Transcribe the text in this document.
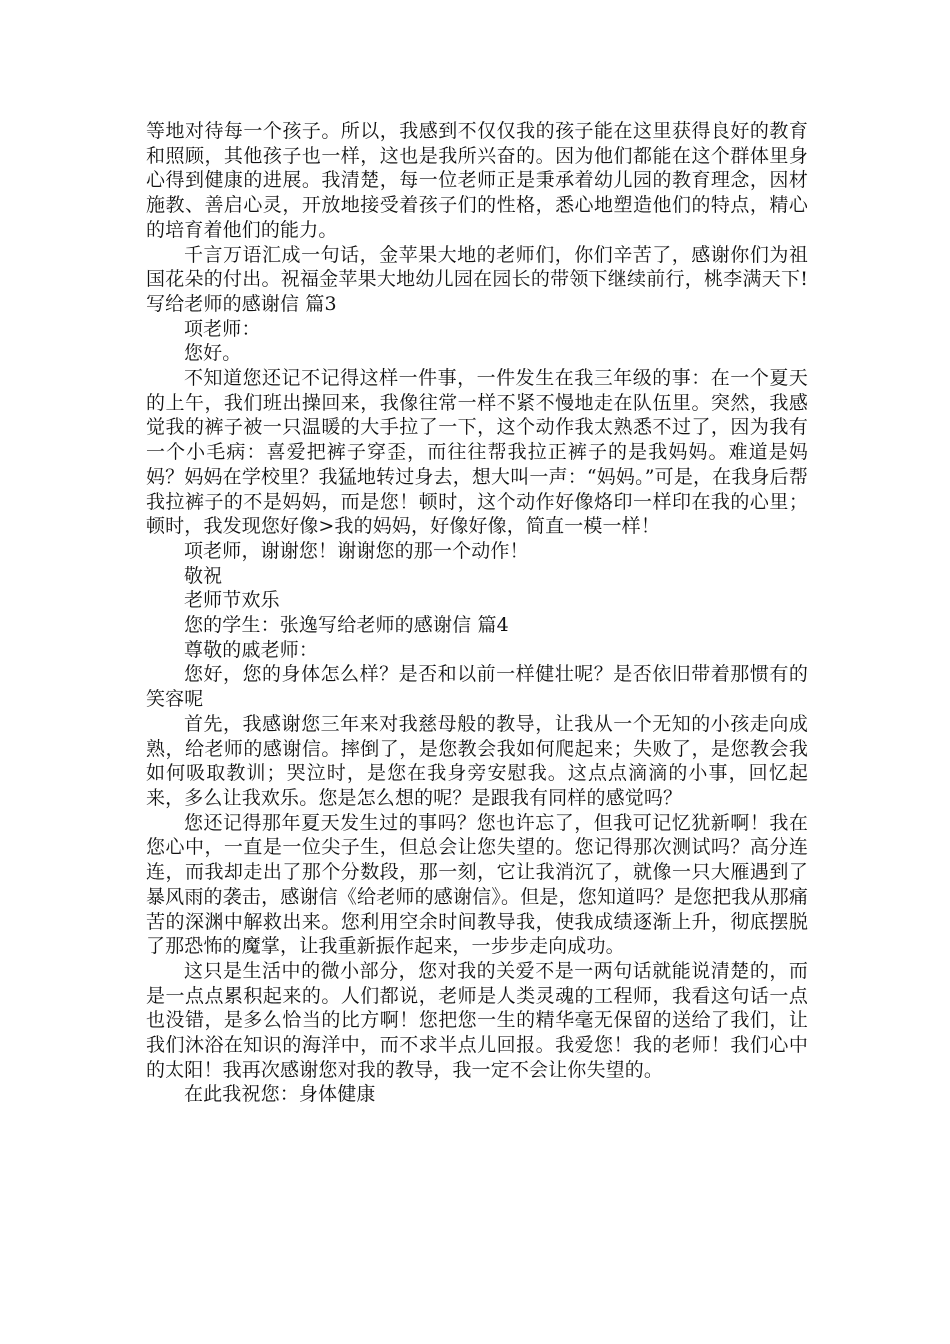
等地对待每一个孩子。所以，我感到不仅仅我的孩子能在这里获得良好的教育和照顾，其他孩子也一样，这也是我所兴奋的。因为他们都能在这个群体里身心得到健康的进展。我清楚，每一位老师正是秉承着幼儿园的教育理念，因材施教、善启心灵，开放地接受着孩子们的性格，悉心地塑造他们的特点，精心的培育着他们的能力。

千言万语汇成一句话，金苹果大地的老师们，你们辛苦了，感谢你们为祖国花朵的付出。祝福金苹果大地幼儿园在园长的带领下继续前行，桃李满天下!写给老师的感谢信 篇3

项老师：

您好。

不知道您还记不记得这样一件事，一件发生在我三年级的事：在一个夏天的上午，我们班出操回来，我像往常一样不紧不慢地走在队伍里。突然，我感觉我的裤子被一只温暖的大手拉了一下，这个动作我太熟悉不过了，因为我有一个小毛病：喜爱把裤子穿歪，而往往帮我拉正裤子的是我妈妈。难道是妈妈？妈妈在学校里？我猛地转过身去，想大叫一声：“妈妈。”可是，在我身后帮我拉裤子的不是妈妈，而是您！顿时，这个动作好像烙印一样印在我的心里；顿时，我发现您好像>我的妈妈，好像好像，简直一模一样！

项老师，谢谢您！谢谢您的那一个动作！

敬祝

老师节欢乐

您的学生：张逸写给老师的感谢信 篇4

尊敬的戚老师：

您好，您的身体怎么样？是否和以前一样健壮呢？是否依旧带着那惯有的笑容呢

首先，我感谢您三年来对我慈母般的教导，让我从一个无知的小孩走向成熟，给老师的感谢信。摔倒了，是您教会我如何爬起来；失败了，是您教会我如何吸取教训；哭泣时，是您在我身旁安慰我。这点点滴滴的小事，回忆起来，多么让我欢乐。您是怎么想的呢？是跟我有同样的感觉吗？

您还记得那年夏天发生过的事吗？您也许忘了，但我可记忆犹新啊！我在您心中，一直是一位尖子生，但总会让您失望的。您记得那次测试吗？高分连连，而我却走出了那个分数段，那一刻，它让我消沉了，就像一只大雁遇到了暴风雨的袭击，感谢信《给老师的感谢信》。但是，您知道吗？是您把我从那痛苦的深渊中解救出来。您利用空余时间教导我，使我成绩逐渐上升，彻底摆脱了那恐怖的魔掌，让我重新振作起来，一步步走向成功。

这只是生活中的微小部分，您对我的关爱不是一两句话就能说清楚的，而是一点点累积起来的。人们都说，老师是人类灵魂的工程师，我看这句话一点也没错，是多么恰当的比方啊！您把您一生的精华毫无保留的送给了我们，让我们沐浴在知识的海洋中，而不求半点儿回报。我爱您！我的老师！我们心中的太阳！我再次感谢您对我的教导，我一定不会让你失望的。

在此我祝您：身体健康
